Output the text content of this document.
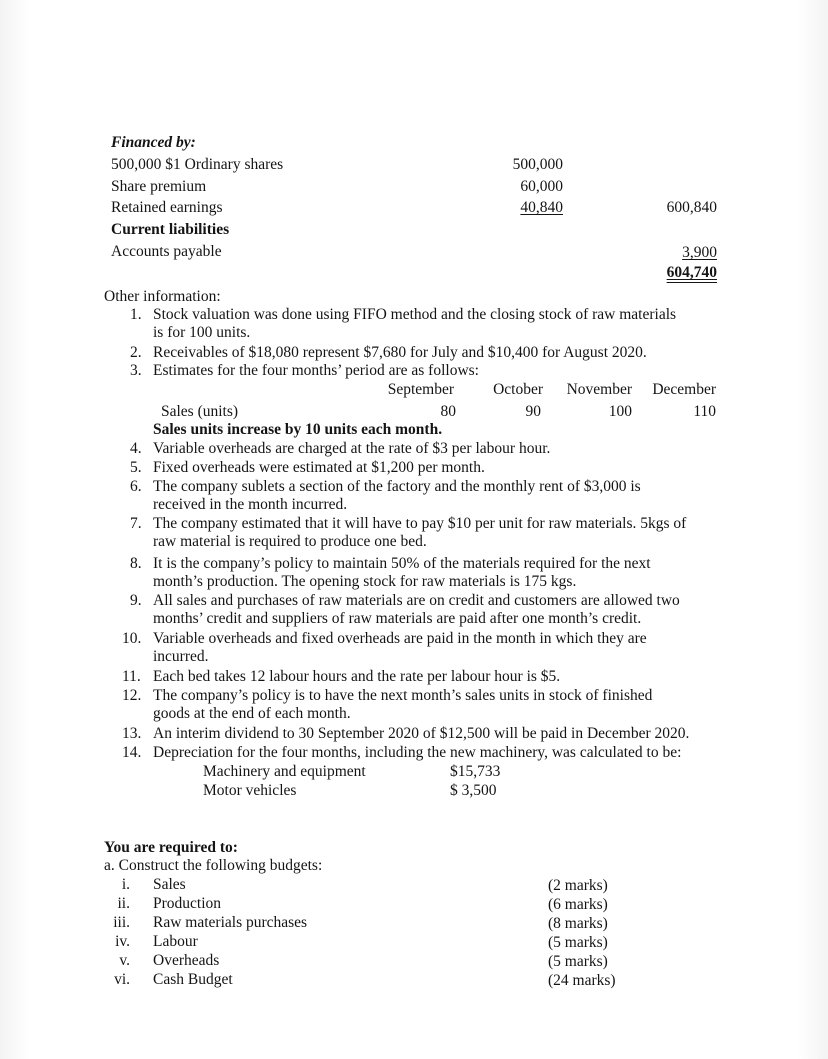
Financed by:
500,000 $1 Ordinary shares	500,000
Share premium	60,000
Retained earnings	40,840	600,840
Current liabilities
Accounts payable	3,900
604,740
Other information:
1. Stock valuation was done using FIFO method and the closing stock of raw materials
is for 100 units.
2. Receivables of $18,080 represent $7,680 for July and $10,400 for August 2020.
3. Estimates for the four months’ period are as follows:
September	October	November	December
Sales (units)	80	90	100	110
Sales units increase by 10 units each month.
4. Variable overheads are charged at the rate of $3 per labour hour.
5. Fixed overheads were estimated at $1,200 per month.
6. The company sublets a section of the factory and the monthly rent of $3,000 is
received in the month incurred.
7. The company estimated that it will have to pay $10 per unit for raw materials. 5kgs of
raw material is required to produce one bed.
8. It is the company’s policy to maintain 50% of the materials required for the next
month’s production. The opening stock for raw materials is 175 kgs.
9. All sales and purchases of raw materials are on credit and customers are allowed two
months’ credit and suppliers of raw materials are paid after one month’s credit.
10. Variable overheads and fixed overheads are paid in the month in which they are
incurred.
11. Each bed takes 12 labour hours and the rate per labour hour is $5.
12. The company’s policy is to have the next month’s sales units in stock of finished
goods at the end of each month.
13. An interim dividend to 30 September 2020 of $12,500 will be paid in December 2020.
14. Depreciation for the four months, including the new machinery, was calculated to be:
Machinery and equipment	$15,733
Motor vehicles	$ 3,500
You are required to:
a. Construct the following budgets:
i. Sales	(2 marks)
ii. Production	(6 marks)
iii. Raw materials purchases	(8 marks)
iv. Labour	(5 marks)
v. Overheads	(5 marks)
vi. Cash Budget	(24 marks)
